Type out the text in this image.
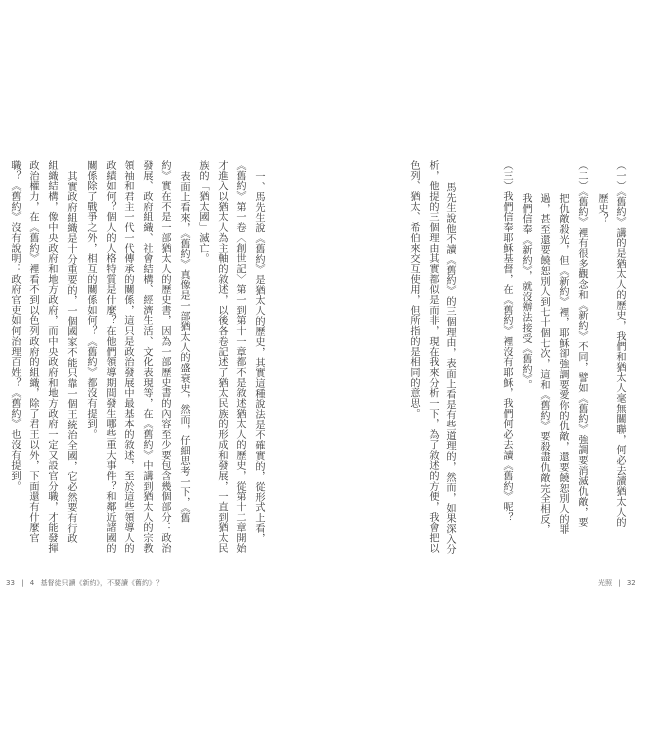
（一）《舊約》講的是猶太人的歷史，我們和猶太人毫無關聯，何必去讀猶太人的
歷史？
（二）《舊約》裡有很多觀念和《新約》不同，譬如《舊約》強調要消滅仇敵，要
把仇敵殺光，但《新約》裡，耶穌卻強調要愛你的仇敵，還要饒恕別人的罪
過，甚至還要饒恕別人到七十個七次，這和《舊約》要殺盡仇敵完全相反，
我們信奉《新約》，就沒辦法接受《舊約》。
（三）我們信奉耶穌基督，在《舊約》裡沒有耶穌，我們何必去讀《舊約》呢？
馬先生說他不讀《舊約》的三個理由，表面上看是有些道理的，然而，如果深入分
析，他提的三個理由其實都似是而非，現在我來分析一下，為了敘述的方便，我會把以
色列、猶太、希伯來交互使用，但所指的是相同的意思。
一、馬先生說《舊約》是猶太人的歷史，其實這種說法是不確實的，從形式上看，
《舊約》第一卷〈創世記〉第一到第十一章都不是敘述猶太人的歷史，從第十二章開始
才進入以猶太人為主軸的敘述，以後各卷記述了猶太民族的形成和發展，一直到猶太民
族的「猶太國」滅亡。
表面上看來，《舊約》真像是一部猶太人的盛衰史，然而，仔細思考一下，《舊
約》實在不是一部猶太人的歷史書，因為一部歷史書的內容至少要包含幾個部分：政治
發展、政府組織、社會結構、經濟生活、文化表現等，在《舊約》中講到猶太人的宗教
領袖和君主一代一代傳承的關係，這只是政治發展中最基本的敘述，至於這些領導人的
政績如何？個人的人格特質是什麼？在他們領導期間發生哪些重大事件？和鄰近諸國的
關係除了戰爭之外，相互的關係如何？《舊約》都沒有提到。
其實政府組織是十分重要的，一個國家不能只靠一個王統治全國，它必然要有行政
組織結構，像中央政府和地方政府，而中央政府和地方政府一定又設官分職，才能發揮
政治權力，在《舊約》裡看不到以色列政府的組織，除了君王以外，下面還有什麼官
職？《舊約》沒有說明：政府官吏如何治理百姓？《舊約》也沒有提到。
33 | 4 基督徒只讀《新約》，不要讀《舊約》？	光照 | 32
